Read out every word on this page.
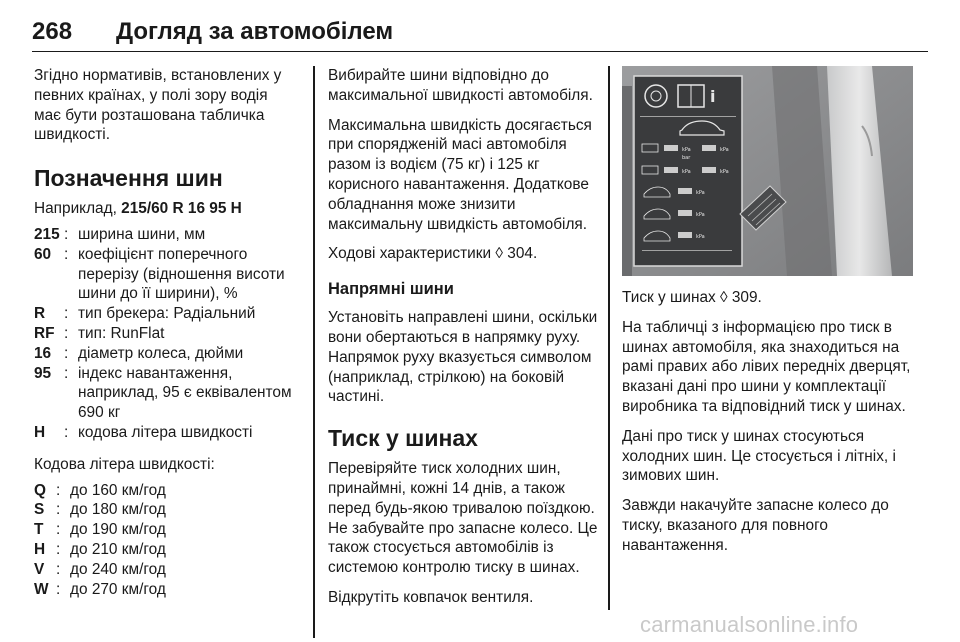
268 Догляд за автомобілем
Згідно нормативів, встановлених у певних країнах, у полі зору водія має бути розташована табличка швидкості.
Позначення шин
Наприклад, 215/60 R 16 95 H
215 : ширина шини, мм
60 : коефіцієнт поперечного перерізу (відношення висоти шини до її ширини), %
R	: тип брекера: Радіальний
RF : тип: RunFlat
16 : діаметр колеса, дюйми
95 : індекс навантаження, наприклад, 95 є еквівалентом 690 кг
H	: кодова літера швидкості
Кодова літера швидкості:
Q : до 160 км/год
S : до 180 км/год
T : до 190 км/год
H : до 210 км/год
V : до 240 км/год
W : до 270 км/год
Вибирайте шини відповідно до максимальної швидкості автомобіля.
Максимальна швидкість досягається при спорядженій масі автомобіля разом із водієм (75 кг) і 125 кг корисного навантаження. Додаткове обладнання може знизити максимальну швидкість автомобіля.
Ходові характеристики ◊ 304.
Напрямні шини
Установіть направлені шини, оскільки вони обертаються в напрямку руху. Напрямок руху вказується символом (наприклад, стрілкою) на боковій частині.
Тиск у шинах
Перевіряйте тиск холодних шин, принаймні, кожні 14 днів, а також перед будь-якою тривалою поїздкою. Не забувайте про запасне колесо. Це також стосується автомобілів із системою контролю тиску в шинах.
Відкрутіть ковпачок вентиля.
i
kPa	kPa
bar
kPa	kPa
kPa
kPa
kPa
Тиск у шинах ◊ 309.
На табличці з інформацією про тиск в шинах автомобіля, яка знаходиться на рамі правих або лівих передніх дверцят, вказані дані про шини у комплектації виробника та відповідний тиск у шинах.
Дані про тиск у шинах стосуються холодних шин. Це стосується і літніх, і зимових шин.
Завжди накачуйте запасне колесо до тиску, вказаного для повного навантаження.
carmanualsonline.info
